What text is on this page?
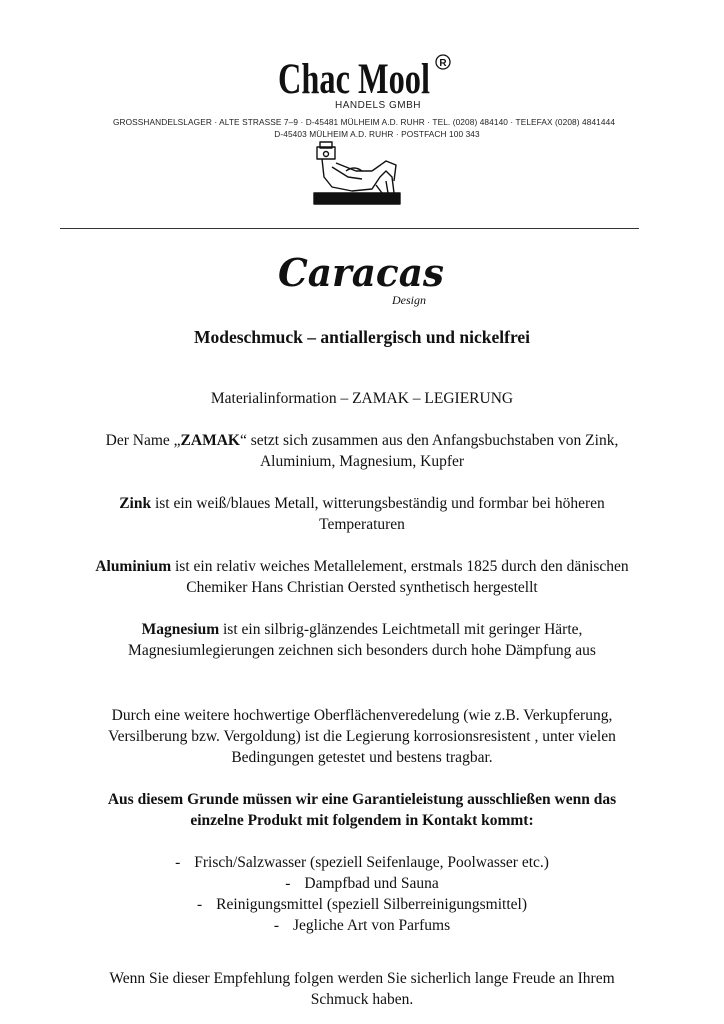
Chac Mool R
HANDELS GMBH
GROSSHANDELSLAGER · ALTE STRASSE 7–9 · D-45481 MÜLHEIM A.D. RUHR · TEL. (0208) 484140 · TELEFAX (0208) 4841444
D-45403 MÜLHEIM A.D. RUHR · POSTFACH 100 343
Caracas
Design

Modeschmuck – antiallergisch und nickelfrei

Materialinformation – ZAMAK – LEGIERUNG

Der Name „ZAMAK“ setzt sich zusammen aus den Anfangsbuchstaben von Zink, Aluminium, Magnesium, Kupfer

Zink ist ein weiß/blaues Metall, witterungsbeständig und formbar bei höheren Temperaturen

Aluminium ist ein relativ weiches Metallelement, erstmals 1825 durch den dänischen Chemiker Hans Christian Oersted synthetisch hergestellt

Magnesium ist ein silbrig-glänzendes Leichtmetall mit geringer Härte, Magnesiumlegierungen zeichnen sich besonders durch hohe Dämpfung aus

Durch eine weitere hochwertige Oberflächenveredelung (wie z.B. Verkupferung, Versilberung bzw. Vergoldung) ist die Legierung korrosionsresistent , unter vielen Bedingungen getestet und bestens tragbar.

Aus diesem Grunde müssen wir eine Garantieleistung ausschließen wenn das einzelne Produkt mit folgendem in Kontakt kommt:

- Frisch/Salzwasser (speziell Seifenlauge, Poolwasser etc.)

- Dampfbad und Sauna

- Reinigungsmittel (speziell Silberreinigungsmittel)

- Jegliche Art von Parfums

Wenn Sie dieser Empfehlung folgen werden Sie sicherlich lange Freude an Ihrem Schmuck haben.
